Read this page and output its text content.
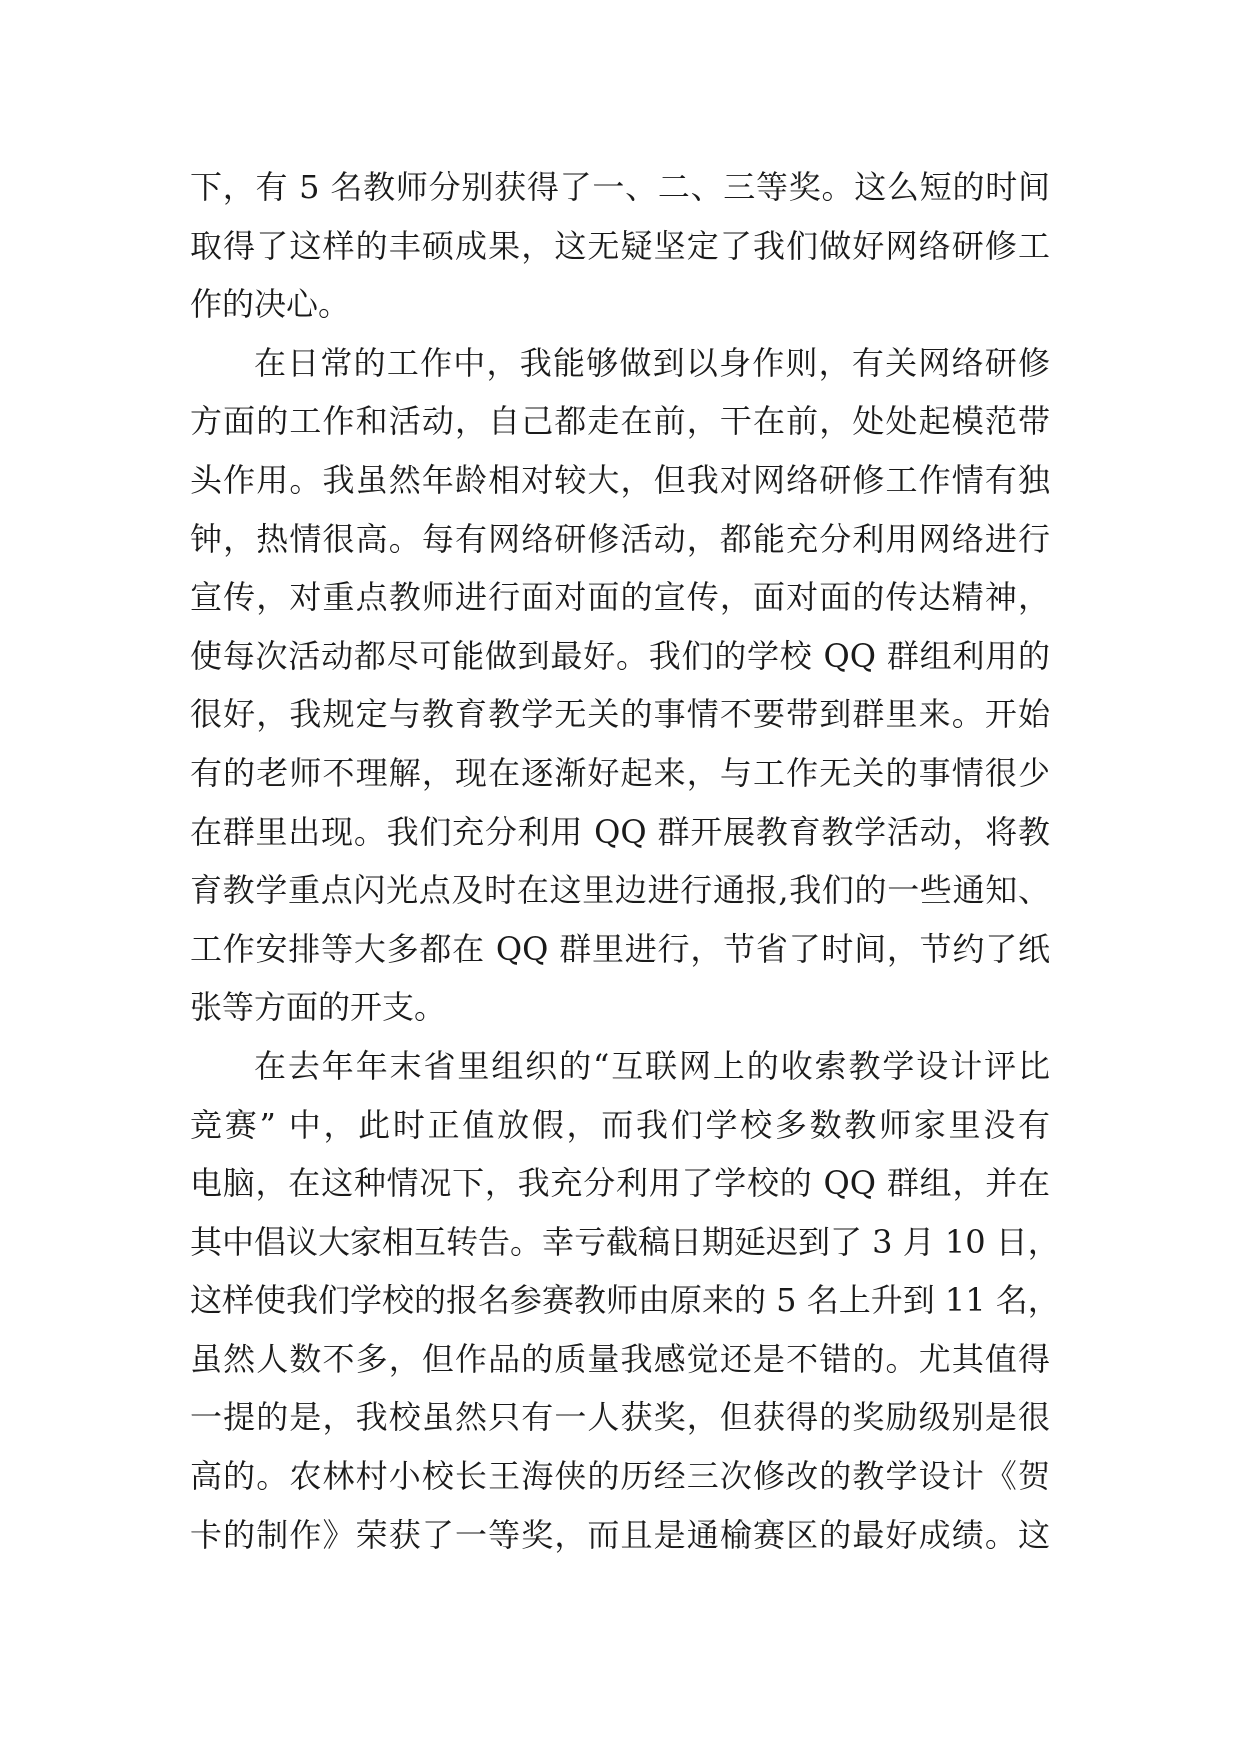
下，有 5 名教师分别获得了一、二、三等奖。这么短的时间
取得了这样的丰硕成果，这无疑坚定了我们做好网络研修工
作的决心。
在日常的工作中，我能够做到以身作则，有关网络研修
方面的工作和活动，自己都走在前，干在前，处处起模范带
头作用。我虽然年龄相对较大，但我对网络研修工作情有独
钟，热情很高。每有网络研修活动，都能充分利用网络进行
宣传，对重点教师进行面对面的宣传，面对面的传达精神，
使每次活动都尽可能做到最好。我们的学校 QQ 群组利用的
很好，我规定与教育教学无关的事情不要带到群里来。开始
有的老师不理解，现在逐渐好起来，与工作无关的事情很少
在群里出现。我们充分利用 QQ 群开展教育教学活动，将教
育教学重点闪光点及时在这里边进行通报,我们的一些通知、
工作安排等大多都在 QQ 群里进行，节省了时间，节约了纸
张等方面的开支。
在去年年末省里组织的“互联网上的收索教学设计评比
竞赛” 中，此时正值放假，而我们学校多数教师家里没有
电脑，在这种情况下，我充分利用了学校的 QQ 群组，并在
其中倡议大家相互转告。幸亏截稿日期延迟到了 3 月 10 日，
这样使我们学校的报名参赛教师由原来的 5 名上升到 11 名，
虽然人数不多，但作品的质量我感觉还是不错的。尤其值得
一提的是，我校虽然只有一人获奖，但获得的奖励级别是很
高的。农林村小校长王海侠的历经三次修改的教学设计《贺
卡的制作》荣获了一等奖，而且是通榆赛区的最好成绩。这
